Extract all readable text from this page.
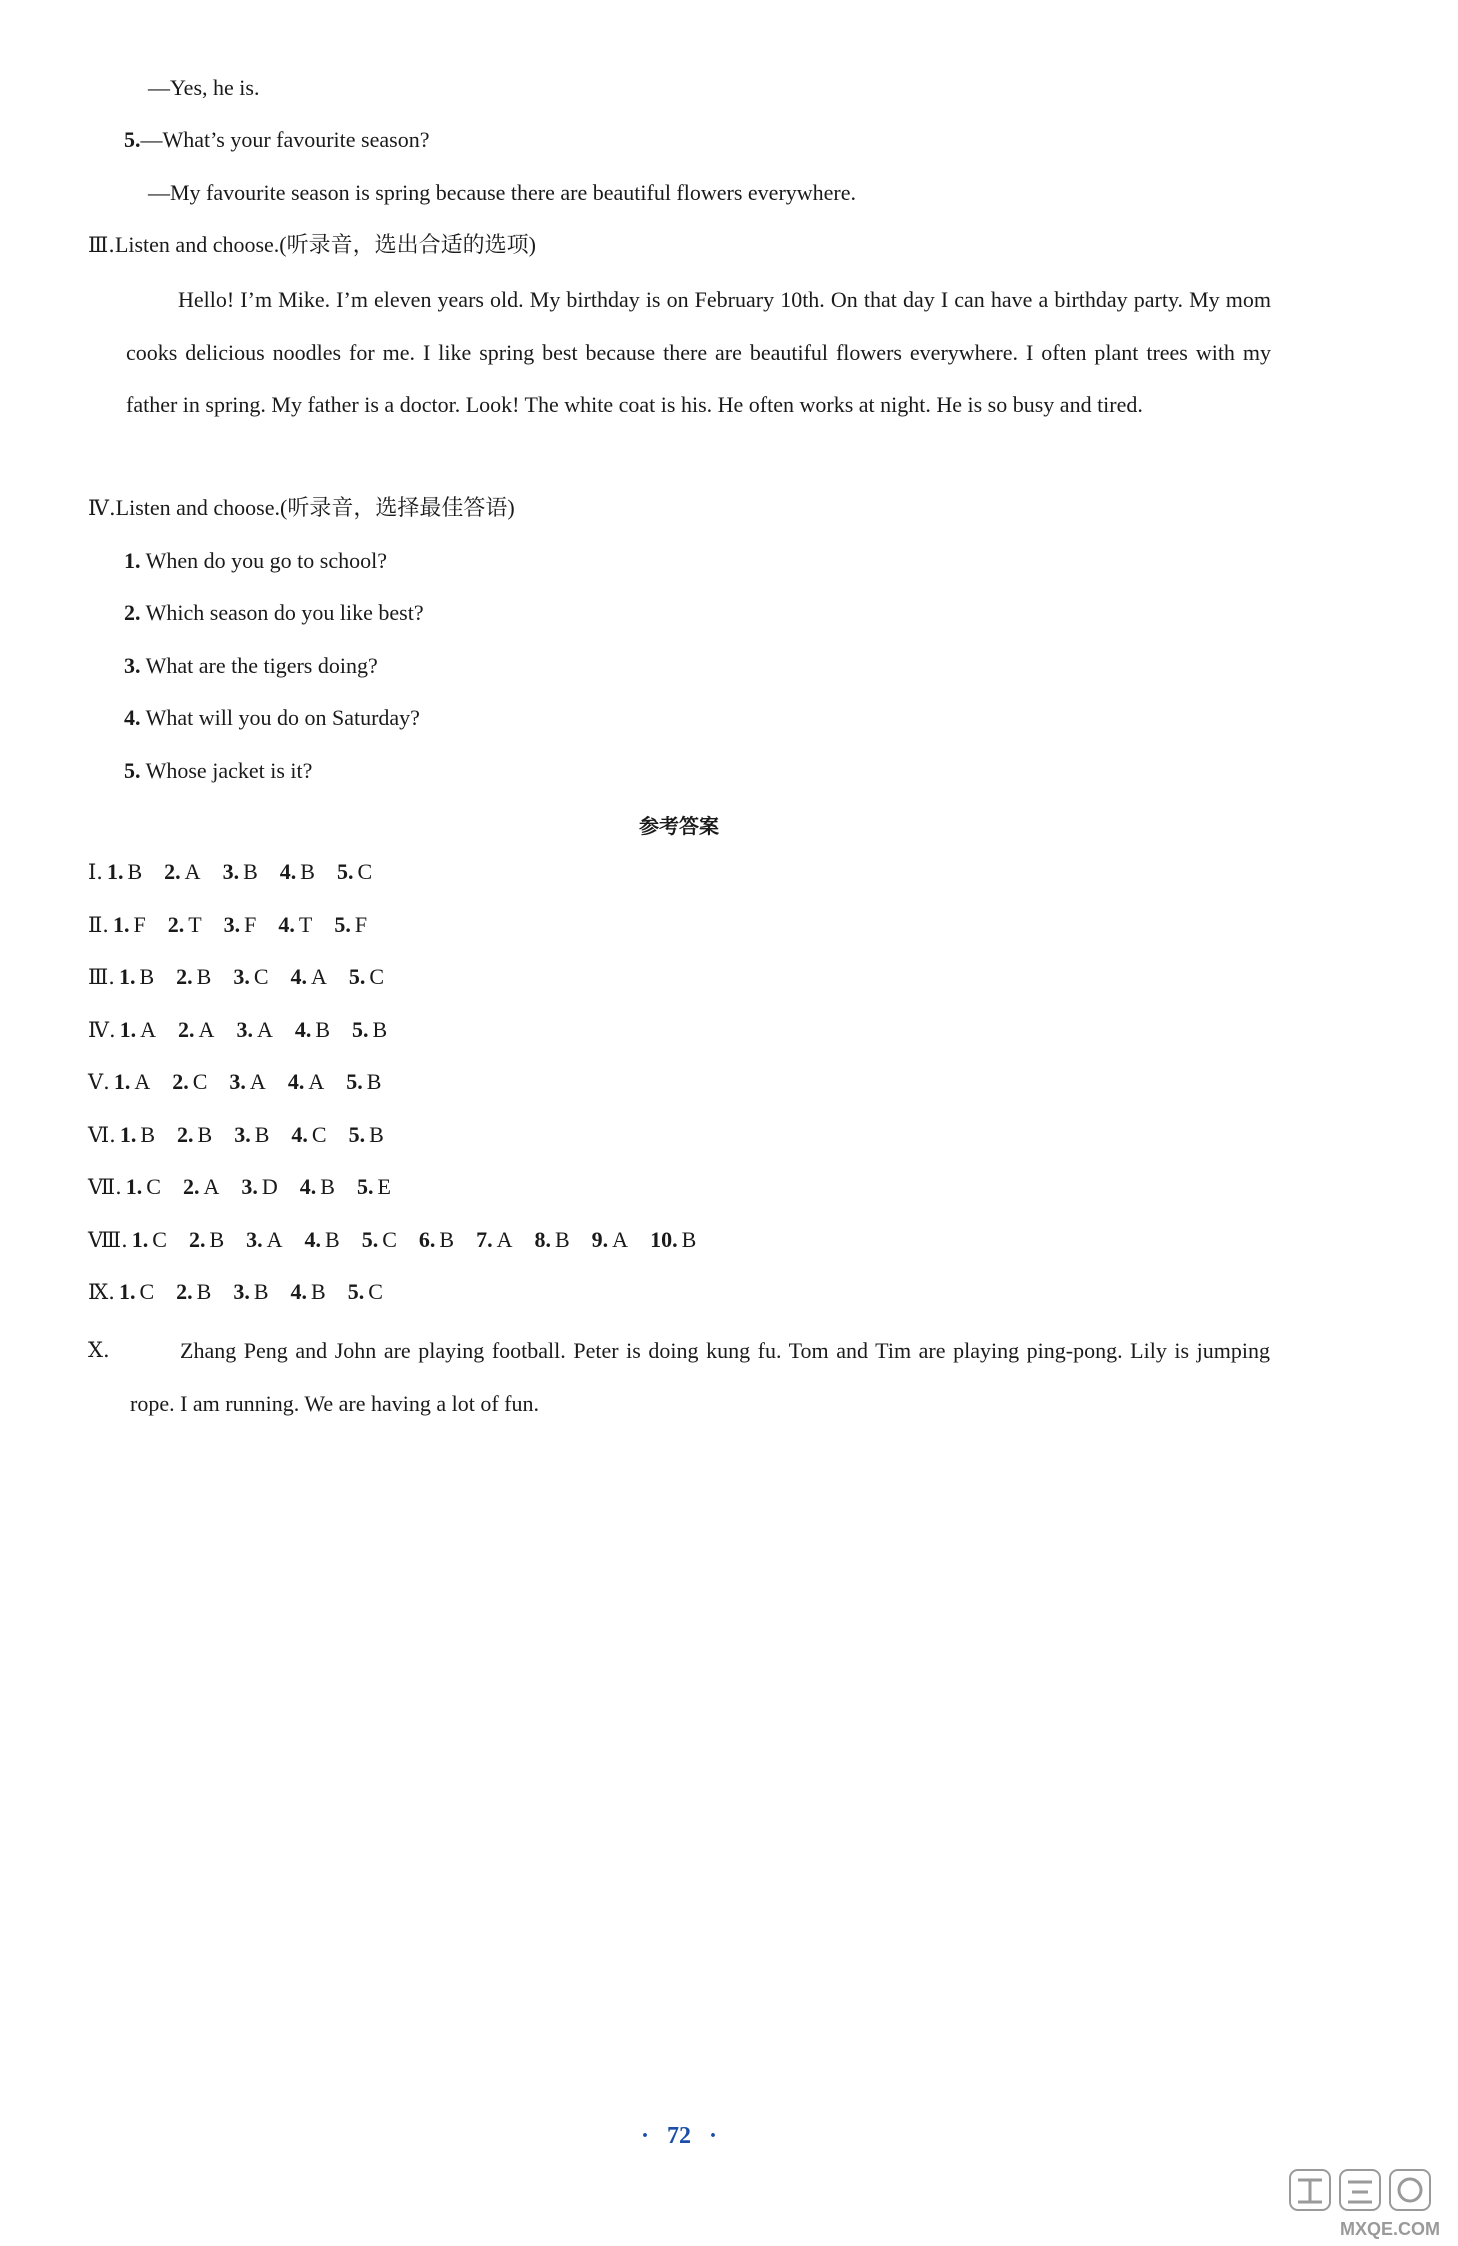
—Yes, he is.
5.—What’s your favourite season?
—My favourite season is spring because there are beautiful flowers everywhere.
Ⅲ.Listen and choose.(听录音，选出合适的选项)
Hello! I’m Mike. I’m eleven years old. My birthday is on February 10th. On that day I can have a birthday party. My mom cooks delicious noodles for me. I like spring best because there are beautiful flowers everywhere. I often plant trees with my father in spring. My father is a doctor. Look! The white coat is his. He often works at night. He is so busy and tired.
Ⅳ.Listen and choose.(听录音，选择最佳答语)
1. When do you go to school?
2. Which season do you like best?
3. What are the tigers doing?
4. What will you do on Saturday?
5. Whose jacket is it?
参考答案
Ⅰ. 1. B 2. A 3. B 4. B 5. C
Ⅱ. 1. F 2. T 3. F 4. T 5. F
Ⅲ. 1. B 2. B 3. C 4. A 5. C
Ⅳ. 1. A 2. A 3. A 4. B 5. B
Ⅴ. 1. A 2. C 3. A 4. A 5. B
Ⅵ. 1. B 2. B 3. B 4. C 5. B
Ⅶ. 1. C 2. A 3. D 4. B 5. E
Ⅷ. 1. C 2. B 3. A 4. B 5. C 6. B 7. A 8. B 9. A 10. B
Ⅸ. 1. C 2. B 3. B 4. B 5. C
Ⅹ.	Zhang Peng and John are playing football. Peter is doing kung fu. Tom and Tim are playing ping-pong. Lily is jumping rope. I am running. We are having a lot of fun.
· 72 ·
MXQE.COM
